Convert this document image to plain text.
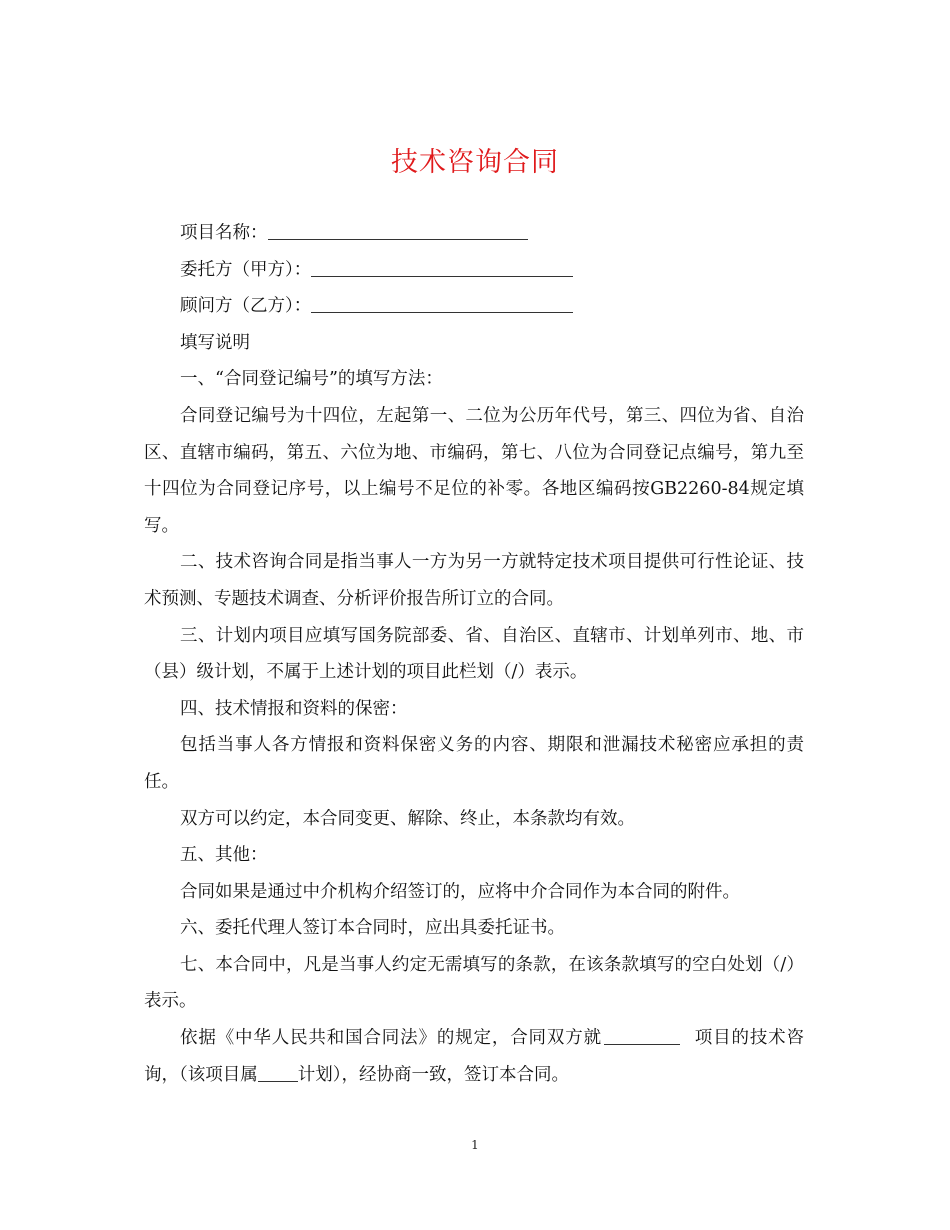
技术咨询合同

项目名称：

委托方（甲方）：

顾问方（乙方）：

填写说明

一、“合同登记编号”的填写方法：

合同登记编号为十四位，左起第一、二位为公历年代号，第三、四位为省、自治区、直辖市编码，第五、六位为地、市编码，第七、八位为合同登记点编号，第九至十四位为合同登记序号，以上编号不足位的补零。各地区编码按GB2260-84规定填写。

二、技术咨询合同是指当事人一方为另一方就特定技术项目提供可行性论证、技术预测、专题技术调查、分析评价报告所订立的合同。

三、计划内项目应填写国务院部委、省、自治区、直辖市、计划单列市、地、市（县）级计划，不属于上述计划的项目此栏划（/）表示。

四、技术情报和资料的保密：

包括当事人各方情报和资料保密义务的内容、期限和泄漏技术秘密应承担的责任。

双方可以约定，本合同变更、解除、终止，本条款均有效。

五、其他：

合同如果是通过中介机构介绍签订的，应将中介合同作为本合同的附件。

六、委托代理人签订本合同时，应出具委托证书。

七、本合同中，凡是当事人约定无需填写的条款，在该条款填写的空白处划（/）表示。

依据《中华人民共和国合同法》的规定，合同双方就	项目的技术咨询，（该项目属 计划），经协商一致，签订本合同。

1
